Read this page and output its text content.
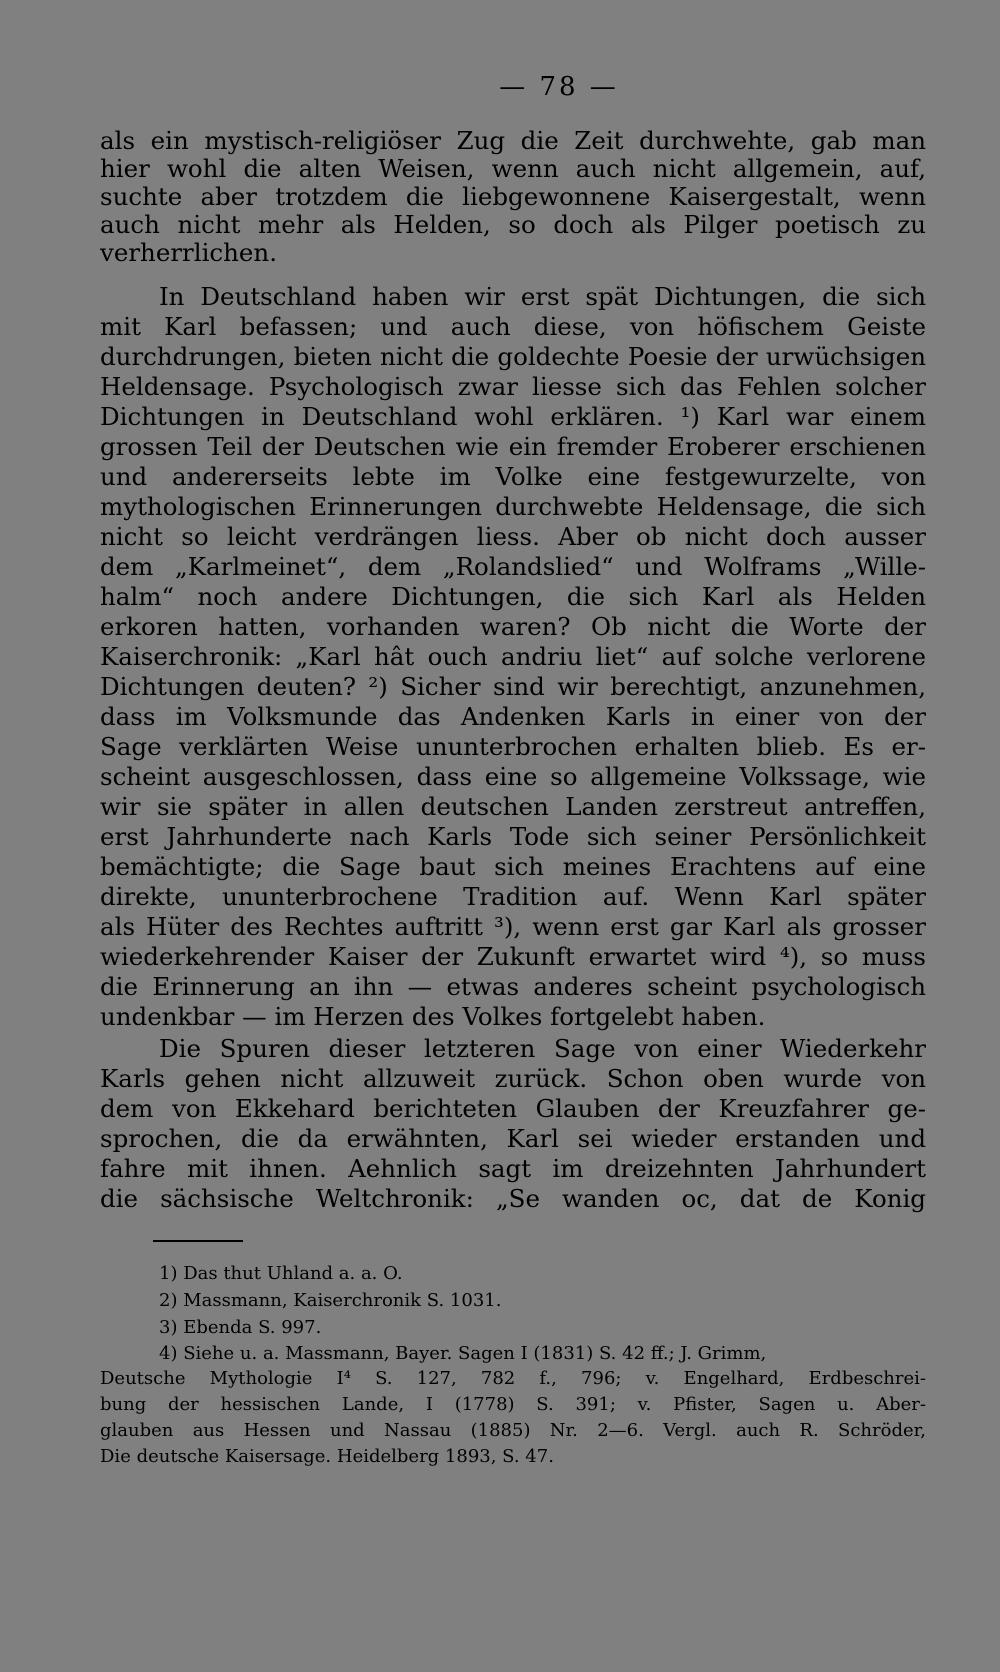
— 78 —
als ein mystisch-religiöser Zug die Zeit durchwehte, gab man
hier wohl die alten Weisen, wenn auch nicht allgemein, auf,
suchte aber trotzdem die liebgewonnene Kaisergestalt, wenn
auch nicht mehr als Helden, so doch als Pilger poetisch zu
verherrlichen.
In Deutschland haben wir erst spät Dichtungen, die sich
mit Karl befassen; und auch diese, von höfischem Geiste
durchdrungen, bieten nicht die goldechte Poesie der urwüchsigen
Heldensage. Psychologisch zwar liesse sich das Fehlen solcher
Dichtungen in Deutschland wohl erklären. ¹) Karl war einem
grossen Teil der Deutschen wie ein fremder Eroberer erschienen
und andererseits lebte im Volke eine festgewurzelte, von
mythologischen Erinnerungen durchwebte Heldensage, die sich
nicht so leicht verdrängen liess. Aber ob nicht doch ausser
dem „Karlmeinet“, dem „Rolandslied“ und Wolframs „Wille-
halm“ noch andere Dichtungen, die sich Karl als Helden
erkoren hatten, vorhanden waren? Ob nicht die Worte der
Kaiserchronik: „Karl hât ouch andriu liet“ auf solche verlorene
Dichtungen deuten? ²) Sicher sind wir berechtigt, anzunehmen,
dass im Volksmunde das Andenken Karls in einer von der
Sage verklärten Weise ununterbrochen erhalten blieb. Es er-
scheint ausgeschlossen, dass eine so allgemeine Volkssage, wie
wir sie später in allen deutschen Landen zerstreut antreffen,
erst Jahrhunderte nach Karls Tode sich seiner Persönlichkeit
bemächtigte; die Sage baut sich meines Erachtens auf eine
direkte, ununterbrochene Tradition auf. Wenn Karl später
als Hüter des Rechtes auftritt ³), wenn erst gar Karl als grosser
wiederkehrender Kaiser der Zukunft erwartet wird ⁴), so muss
die Erinnerung an ihn — etwas anderes scheint psychologisch
undenkbar — im Herzen des Volkes fortgelebt haben.
Die Spuren dieser letzteren Sage von einer Wiederkehr
Karls gehen nicht allzuweit zurück. Schon oben wurde von
dem von Ekkehard berichteten Glauben der Kreuzfahrer ge-
sprochen, die da erwähnten, Karl sei wieder erstanden und
fahre mit ihnen. Aehnlich sagt im dreizehnten Jahrhundert
die sächsische Weltchronik: „Se wanden oc, dat de Konig
1) Das thut Uhland a. a. O.
2) Massmann, Kaiserchronik S. 1031.
3) Ebenda S. 997.
4) Siehe u. a. Massmann, Bayer. Sagen I (1831) S. 42 ff.; J. Grimm,
Deutsche Mythologie I⁴ S. 127, 782 f., 796; v. Engelhard, Erdbeschrei-
bung der hessischen Lande, I (1778) S. 391; v. Pfister, Sagen u. Aber-
glauben aus Hessen und Nassau (1885) Nr. 2—6. Vergl. auch R. Schröder,
Die deutsche Kaisersage. Heidelberg 1893, S. 47.
